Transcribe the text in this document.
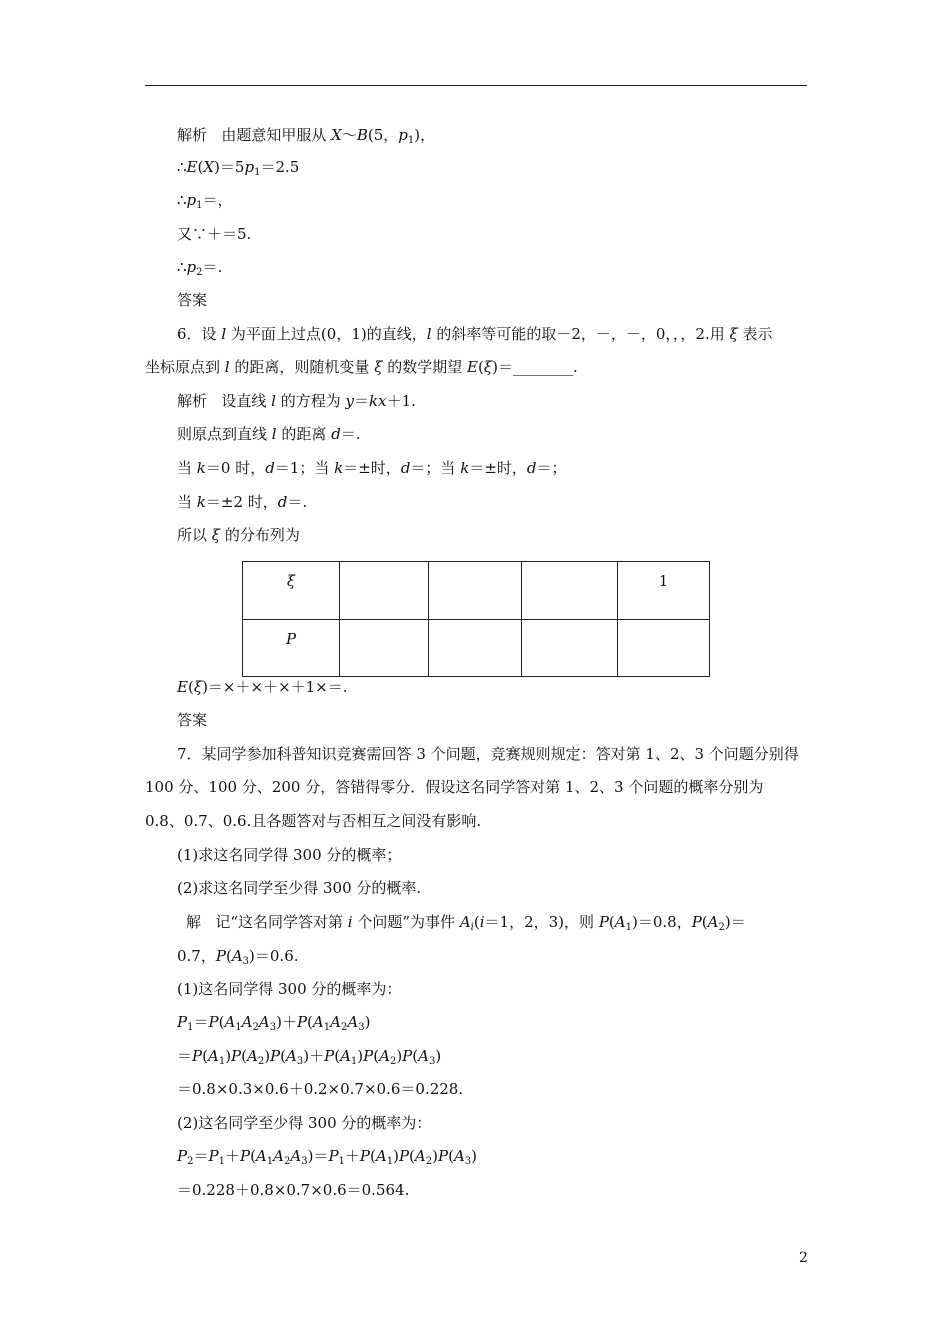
解析 由题意知甲服从 X～B(5，$p_1$)，
$\therefore E(X)=5p_1=2.5$
$\therefore p_1=$，
又∵＋＝5.
$\therefore p_2=$.
答案
6．设 l 为平面上过点(0，1)的直线，l 的斜率等可能的取－2，－，－，0，，，2.用 ξ 表示
坐标原点到 l 的距离，则随机变量 ξ 的数学期望 E(ξ)＝________.
解析 设直线 l 的方程为 y＝kx＋1.
则原点到直线 l 的距离 d＝.
当 k＝0 时，d＝1；当 k＝±时，d＝；当 k＝±时，d＝；
当 k＝±2 时，d＝.
所以 ξ 的分布列为
ξ				1

P				

E(ξ)＝×＋×＋×＋1×＝.
答案
7．某同学参加科普知识竞赛需回答 3 个问题，竞赛规则规定：答对第 1、2、3 个问题分别得
100 分、100 分、200 分，答错得零分．假设这名同学答对第 1、2、3 个问题的概率分别为
0.8、0.7、0.6.且各题答对与否相互之间没有影响.
(1)求这名同学得 300 分的概率；
(2)求这名同学至少得 300 分的概率.
解 记“这名同学答对第 i 个问题”为事件 $A_i(i=1$，2，3)，则 $P(A_1)=0.8$，$P(A_2)=$
0.7，$P(A_3)=0.6$.
(1)这名同学得 300 分的概率为：
$P_1=P(A_1A_2A_3)+P(A_1A_2A_3)$
$=P(A_1)P(A_2)P(A_3)+P(A_1)P(A_2)P(A_3)$
＝0.8×0.3×0.6＋0.2×0.7×0.6＝0.228.
(2)这名同学至少得 300 分的概率为：
$P_2=P_1+P(A_1A_2A_3)=P_1+P(A_1)P(A_2)P(A_3)$
＝0.228＋0.8×0.7×0.6＝0.564.
2
